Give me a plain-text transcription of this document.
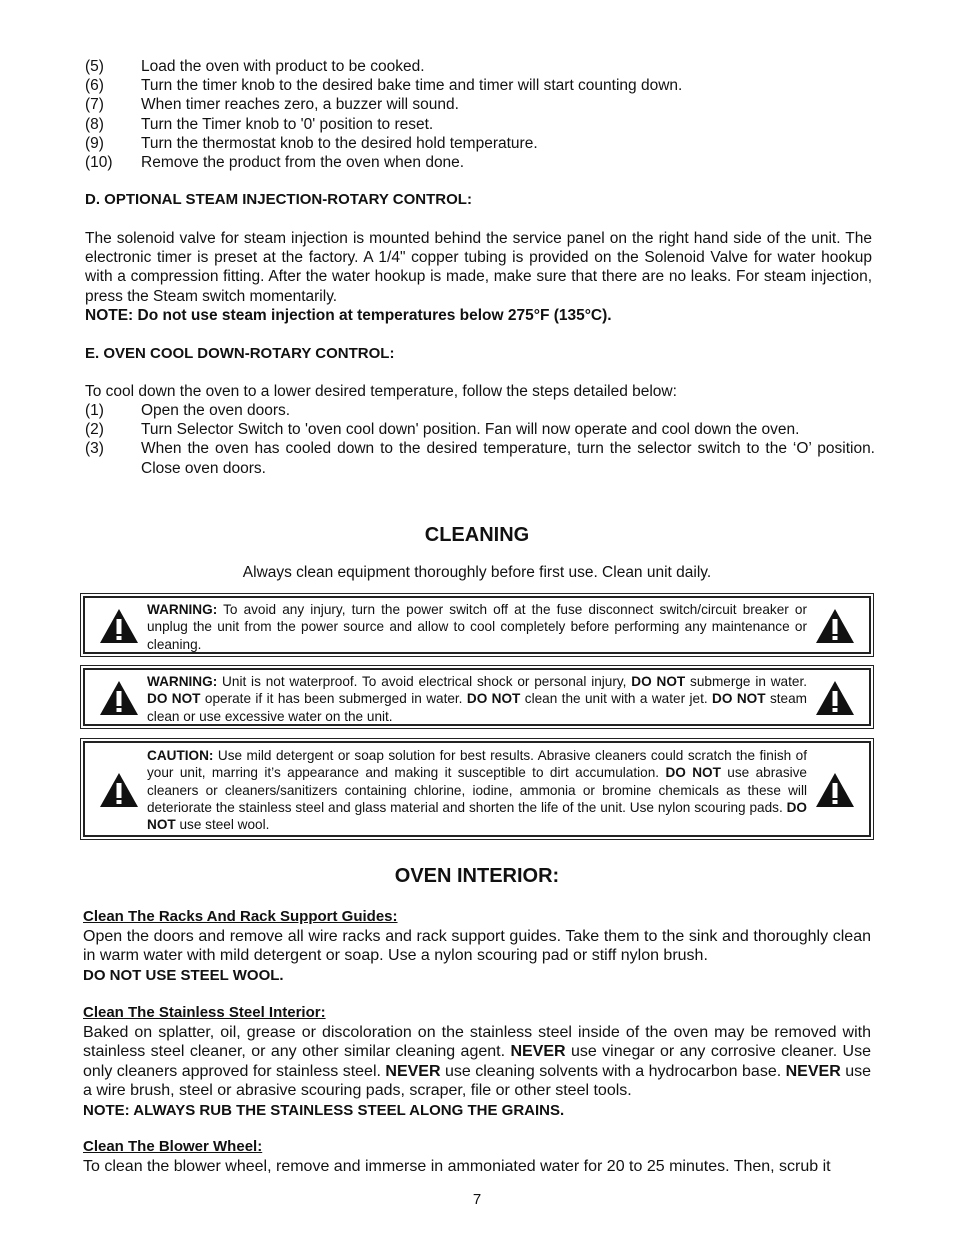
(5)	Load the oven with product to be cooked.
(6)	Turn the timer knob to the desired bake time and timer will start counting down.
(7)	When timer reaches zero, a buzzer will sound.
(8)	Turn the Timer knob to '0' position to reset.
(9)	Turn the thermostat knob to the desired hold temperature.
(10)	Remove the product from the oven when done.
D. OPTIONAL STEAM INJECTION-ROTARY CONTROL:
The solenoid valve for steam injection is mounted behind the service panel on the right hand side of the unit. The electronic timer is preset at the factory. A 1/4" copper tubing is provided on the Solenoid Valve for water hookup with a compression fitting. After the water hookup is made, make sure that there are no leaks. For steam injection, press the Steam switch momentarily.
NOTE: Do not use steam injection at temperatures below 275°F (135°C).
E. OVEN COOL DOWN-ROTARY CONTROL:
To cool down the oven to a lower desired temperature, follow the steps detailed below:
(1)	Open the oven doors.
(2)	Turn Selector Switch to 'oven cool down' position. Fan will now operate and cool down the oven.
(3)	When the oven has cooled down to the desired temperature, turn the selector switch to the ‘O’ position. Close oven doors.
CLEANING
Always clean equipment thoroughly before first use. Clean unit daily.
WARNING: To avoid any injury, turn the power switch off at the fuse disconnect switch/circuit breaker or unplug the unit from the power source and allow to cool completely before performing any maintenance or cleaning.
WARNING: Unit is not waterproof. To avoid electrical shock or personal injury, DO NOT submerge in water. DO NOT operate if it has been submerged in water. DO NOT clean the unit with a water jet. DO NOT steam clean or use excessive water on the unit.
CAUTION: Use mild detergent or soap solution for best results. Abrasive cleaners could scratch the finish of your unit, marring it’s appearance and making it susceptible to dirt accumulation. DO NOT use abrasive cleaners or cleaners/sanitizers containing chlorine, iodine, ammonia or bromine chemicals as these will deteriorate the stainless steel and glass material and shorten the life of the unit. Use nylon scouring pads. DO NOT use steel wool.
OVEN INTERIOR:
Clean The Racks And Rack Support Guides:
Open the doors and remove all wire racks and rack support guides. Take them to the sink and thoroughly clean in warm water with mild detergent or soap. Use a nylon scouring pad or stiff nylon brush.
DO NOT USE STEEL WOOL.
Clean The Stainless Steel Interior:
Baked on splatter, oil, grease or discoloration on the stainless steel inside of the oven may be removed with stainless steel cleaner, or any other similar cleaning agent. NEVER use vinegar or any corrosive cleaner. Use only cleaners approved for stainless steel. NEVER use cleaning solvents with a hydrocarbon base. NEVER use a wire brush, steel or abrasive scouring pads, scraper, file or other steel tools.
NOTE: ALWAYS RUB THE STAINLESS STEEL ALONG THE GRAINS.
Clean The Blower Wheel:
To clean the blower wheel, remove and immerse in ammoniated water for 20 to 25 minutes. Then, scrub it
7
